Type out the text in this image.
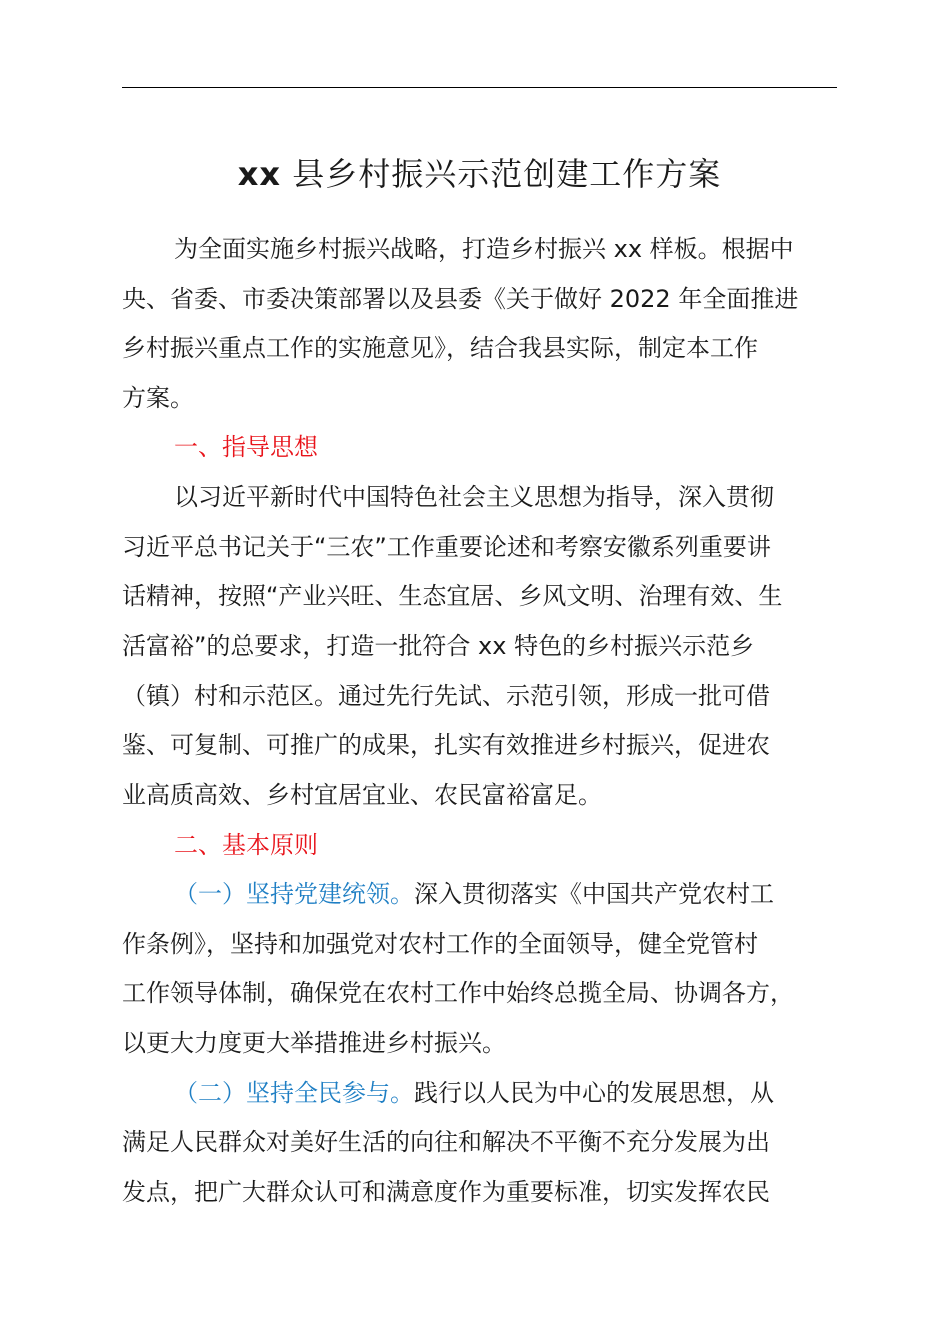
xx 县乡村振兴示范创建工作方案

为全面实施乡村振兴战略，打造乡村振兴 xx 样板。根据中

央、省委、市委决策部署以及县委《关于做好 2022 年全面推进

乡村振兴重点工作的实施意见》，结合我县实际，制定本工作

方案。

一、指导思想

以习近平新时代中国特色社会主义思想为指导，深入贯彻

习近平总书记关于“三农”工作重要论述和考察安徽系列重要讲

话精神，按照“产业兴旺、生态宜居、乡风文明、治理有效、生

活富裕”的总要求，打造一批符合 xx 特色的乡村振兴示范乡

（镇）村和示范区。通过先行先试、示范引领，形成一批可借

鉴、可复制、可推广的成果，扎实有效推进乡村振兴，促进农

业高质高效、乡村宜居宜业、农民富裕富足。

二、基本原则

（一）坚持党建统领。深入贯彻落实《中国共产党农村工

作条例》，坚持和加强党对农村工作的全面领导，健全党管村

工作领导体制，确保党在农村工作中始终总揽全局、协调各方，

以更大力度更大举措推进乡村振兴。

（二）坚持全民参与。践行以人民为中心的发展思想，从

满足人民群众对美好生活的向往和解决不平衡不充分发展为出

发点，把广大群众认可和满意度作为重要标准，切实发挥农民
